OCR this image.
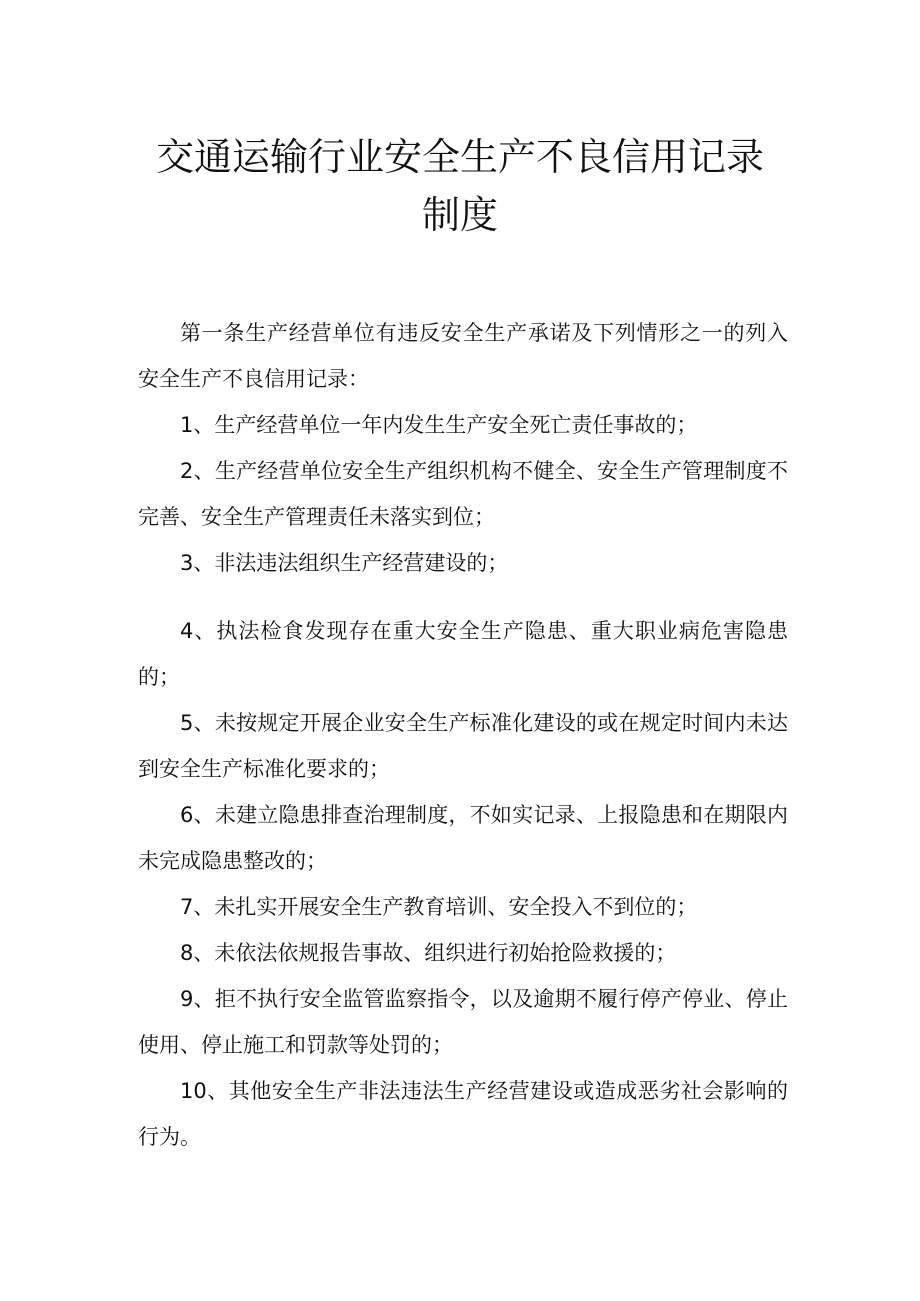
交通运输行业安全生产不良信用记录制度

第一条生产经营单位有违反安全生产承诺及下列情形之一的列入安全生产不良信用记录：

1、生产经营单位一年内发生生产安全死亡责任事故的；

2、生产经营单位安全生产组织机构不健全、安全生产管理制度不完善、安全生产管理责任未落实到位；

3、非法违法组织生产经营建设的；

4、执法检食发现存在重大安全生产隐患、重大职业病危害隐患的；

5、未按规定开展企业安全生产标准化建设的或在规定时间内未达到安全生产标准化要求的；

6、未建立隐患排查治理制度，不如实记录、上报隐患和在期限内未完成隐患整改的；

7、未扎实开展安全生产教育培训、安全投入不到位的；

8、未依法依规报告事故、组织进行初始抢险救援的；

9、拒不执行安全监管监察指令，以及逾期不履行停产停业、停止使用、停止施工和罚款等处罚的；

10、其他安全生产非法违法生产经营建设或造成恶劣社会影响的行为。
